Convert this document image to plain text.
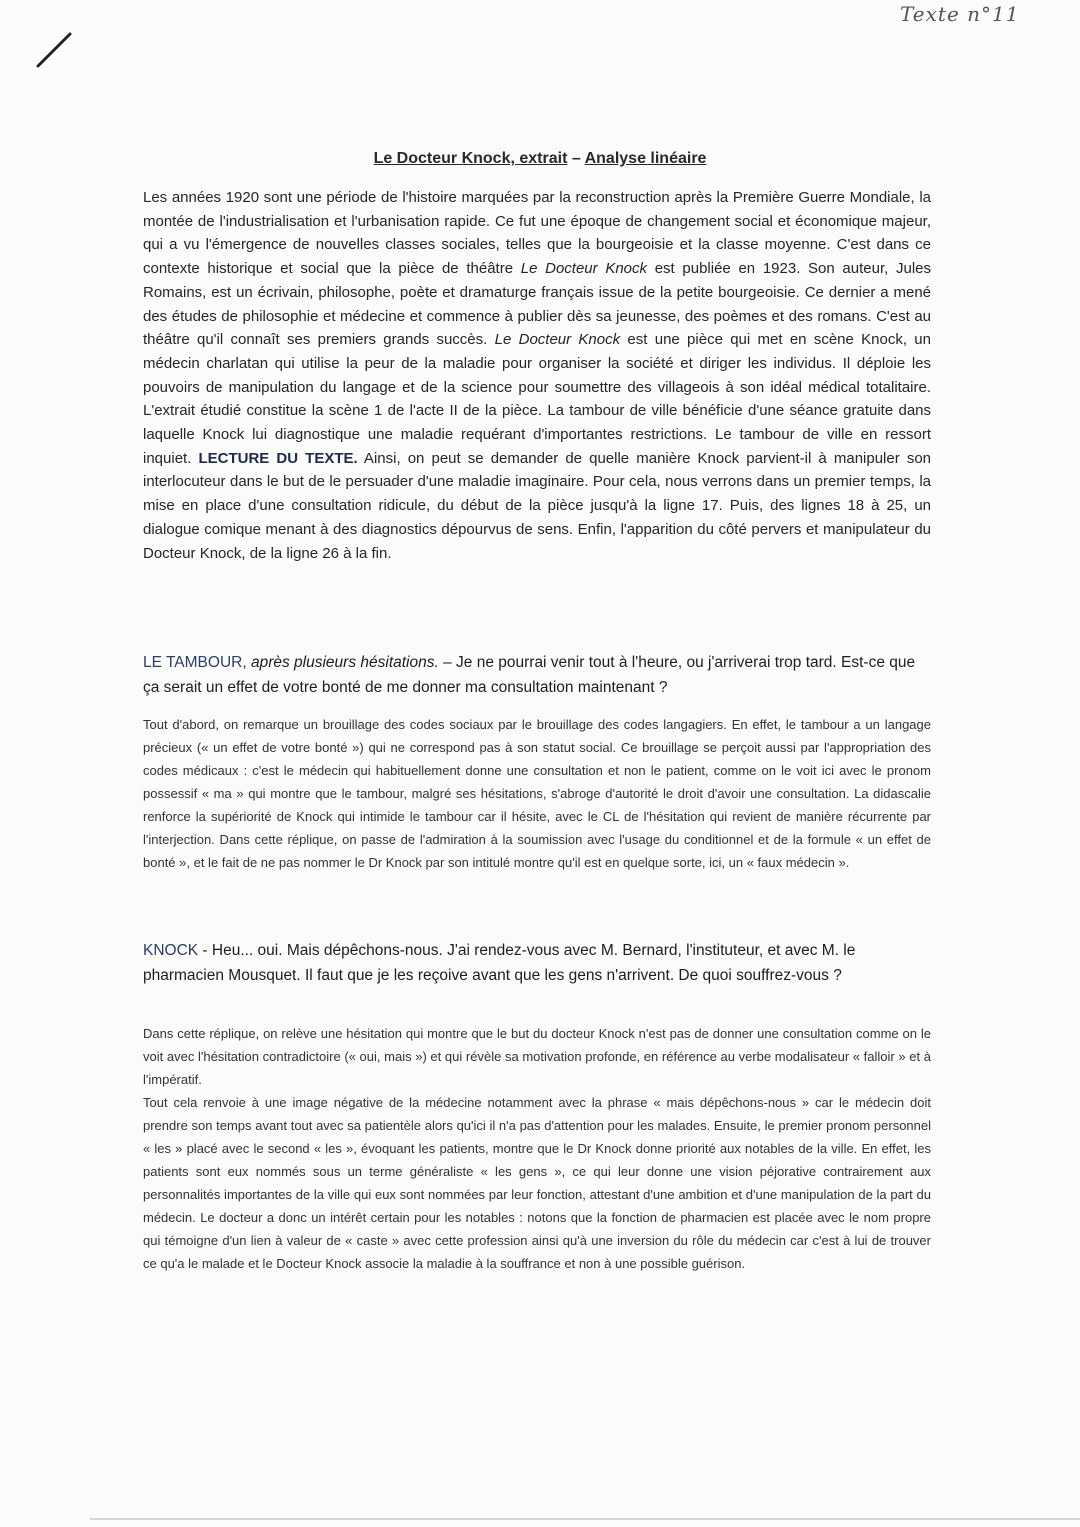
Texte n°11
Le Docteur Knock, extrait – Analyse linéaire
Les années 1920 sont une période de l'histoire marquées par la reconstruction après la Première Guerre Mondiale, la montée de l'industrialisation et l'urbanisation rapide. Ce fut une époque de changement social et économique majeur, qui a vu l'émergence de nouvelles classes sociales, telles que la bourgeoisie et la classe moyenne. C'est dans ce contexte historique et social que la pièce de théâtre Le Docteur Knock est publiée en 1923. Son auteur, Jules Romains, est un écrivain, philosophe, poète et dramaturge français issue de la petite bourgeoisie. Ce dernier a mené des études de philosophie et médecine et commence à publier dès sa jeunesse, des poèmes et des romans. C'est au théâtre qu'il connaît ses premiers grands succès. Le Docteur Knock est une pièce qui met en scène Knock, un médecin charlatan qui utilise la peur de la maladie pour organiser la société et diriger les individus. Il déploie les pouvoirs de manipulation du langage et de la science pour soumettre des villageois à son idéal médical totalitaire. L'extrait étudié constitue la scène 1 de l'acte II de la pièce. La tambour de ville bénéficie d'une séance gratuite dans laquelle Knock lui diagnostique une maladie requérant d'importantes restrictions. Le tambour de ville en ressort inquiet. LECTURE DU TEXTE. Ainsi, on peut se demander de quelle manière Knock parvient-il à manipuler son interlocuteur dans le but de le persuader d'une maladie imaginaire. Pour cela, nous verrons dans un premier temps, la mise en place d'une consultation ridicule, du début de la pièce jusqu'à la ligne 17. Puis, des lignes 18 à 25, un dialogue comique menant à des diagnostics dépourvus de sens. Enfin, l'apparition du côté pervers et manipulateur du Docteur Knock, de la ligne 26 à la fin.
LE TAMBOUR, après plusieurs hésitations. – Je ne pourrai venir tout à l'heure, ou j'arriverai trop tard. Est-ce que ça serait un effet de votre bonté de me donner ma consultation maintenant ?
Tout d'abord, on remarque un brouillage des codes sociaux par le brouillage des codes langagiers. En effet, le tambour a un langage précieux (« un effet de votre bonté ») qui ne correspond pas à son statut social. Ce brouillage se perçoit aussi par l'appropriation des codes médicaux : c'est le médecin qui habituellement donne une consultation et non le patient, comme on le voit ici avec le pronom possessif « ma » qui montre que le tambour, malgré ses hésitations, s'abroge d'autorité le droit d'avoir une consultation. La didascalie renforce la supériorité de Knock qui intimide le tambour car il hésite, avec le CL de l'hésitation qui revient de manière récurrente par l'interjection. Dans cette réplique, on passe de l'admiration à la soumission avec l'usage du conditionnel et de la formule « un effet de bonté », et le fait de ne pas nommer le Dr Knock par son intitulé montre qu'il est en quelque sorte, ici, un « faux médecin ».
KNOCK - Heu... oui. Mais dépêchons-nous. J'ai rendez-vous avec M. Bernard, l'instituteur, et avec M. le pharmacien Mousquet. Il faut que je les reçoive avant que les gens n'arrivent. De quoi souffrez-vous ?
Dans cette réplique, on relève une hésitation qui montre que le but du docteur Knock n'est pas de donner une consultation comme on le voit avec l'hésitation contradictoire (« oui, mais ») et qui révèle sa motivation profonde, en référence au verbe modalisateur « falloir » et à l'impératif.
Tout cela renvoie à une image négative de la médecine notamment avec la phrase « mais dépêchons-nous » car le médecin doit prendre son temps avant tout avec sa patientèle alors qu'ici il n'a pas d'attention pour les malades. Ensuite, le premier pronom personnel « les » placé avec le second « les », évoquant les patients, montre que le Dr Knock donne priorité aux notables de la ville. En effet, les patients sont eux nommés sous un terme généraliste « les gens », ce qui leur donne une vision péjorative contrairement aux personnalités importantes de la ville qui eux sont nommées par leur fonction, attestant d'une ambition et d'une manipulation de la part du médecin. Le docteur a donc un intérêt certain pour les notables : notons que la fonction de pharmacien est placée avec le nom propre qui témoigne d'un lien à valeur de « caste » avec cette profession ainsi qu'à une inversion du rôle du médecin car c'est à lui de trouver ce qu'a le malade et le Docteur Knock associe la maladie à la souffrance et non à une possible guérison.
